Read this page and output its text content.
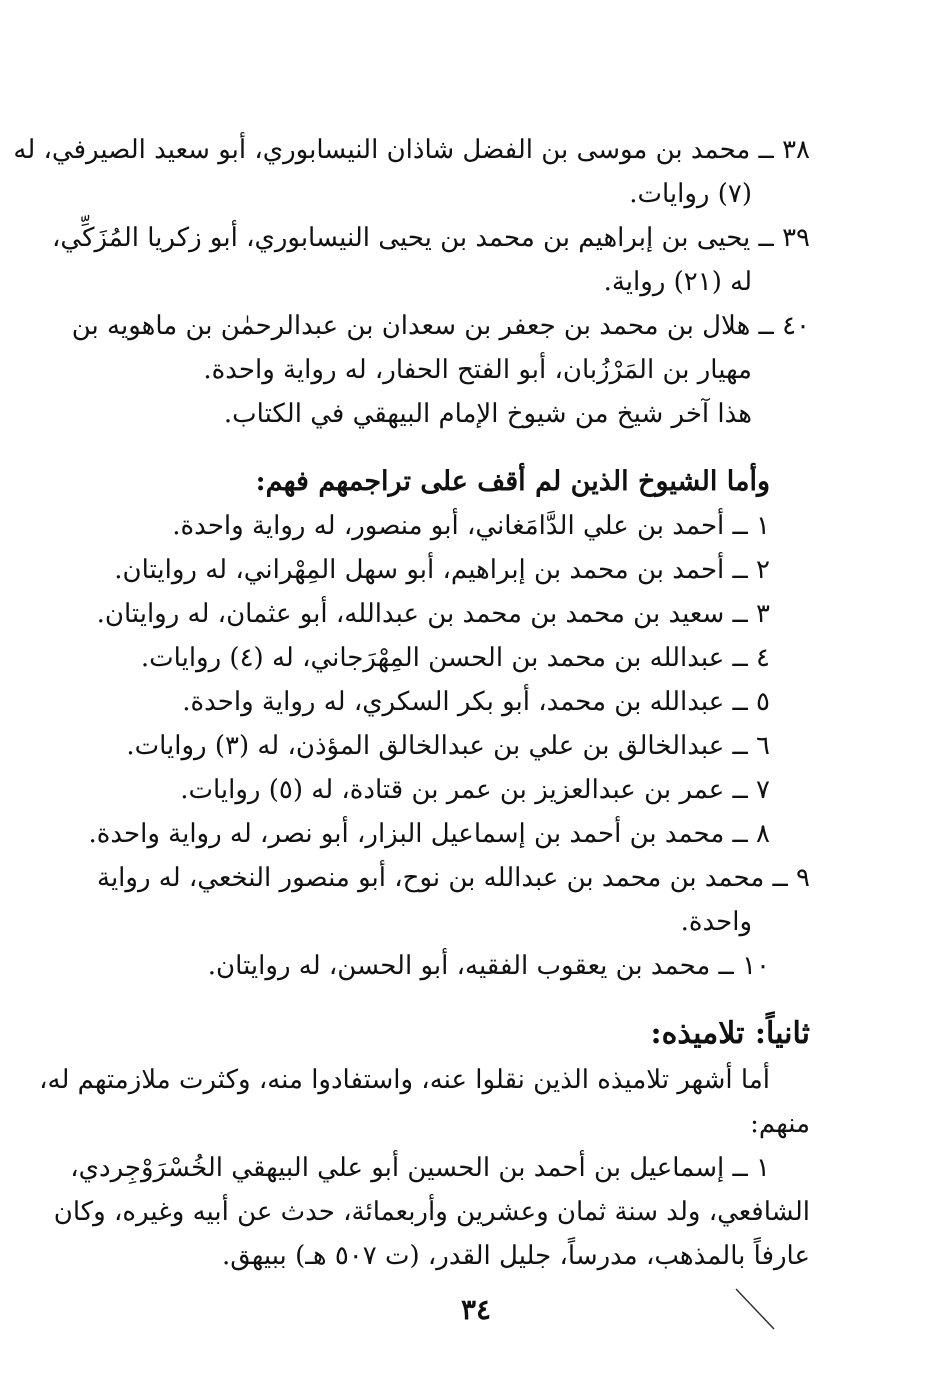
٣٨ ــ محمد بن موسى بن الفضل شاذان النيسابوري، أبو سعيد الصيرفي، له
(٧) روايات.
٣٩ ــ يحيى بن إبراهيم بن محمد بن يحيى النيسابوري، أبو زكريا المُزَكِّي،
له (٢١) رواية.
٤٠ ــ هلال بن محمد بن جعفر بن سعدان بن عبدالرحمٰن بن ماهويه بن
مهيار بن المَرْزُبان، أبو الفتح الحفار، له رواية واحدة.
هذا آخر شيخ من شيوخ الإمام البيهقي في الكتاب.
وأما الشيوخ الذين لم أقف على تراجمهم فهم:
١ ــ أحمد بن علي الدَّامَغاني، أبو منصور، له رواية واحدة.
٢ ــ أحمد بن محمد بن إبراهيم، أبو سهل المِهْراني، له روايتان.
٣ ــ سعيد بن محمد بن محمد بن عبدالله، أبو عثمان، له روايتان.
٤ ــ عبدالله بن محمد بن الحسن المِهْرَجاني، له (٤) روايات.
٥ ــ عبدالله بن محمد، أبو بكر السكري، له رواية واحدة.
٦ ــ عبدالخالق بن علي بن عبدالخالق المؤذن، له (٣) روايات.
٧ ــ عمر بن عبدالعزيز بن عمر بن قتادة، له (٥) روايات.
٨ ــ محمد بن أحمد بن إسماعيل البزار، أبو نصر، له رواية واحدة.
٩ ــ محمد بن محمد بن عبدالله بن نوح، أبو منصور النخعي، له رواية
واحدة.
١٠ ــ محمد بن يعقوب الفقيه، أبو الحسن، له روايتان.
ثانياً: تلاميذه:
أما أشهر تلاميذه الذين نقلوا عنه، واستفادوا منه، وكثرت ملازمتهم له،
منهم:
١ ــ إسماعيل بن أحمد بن الحسين أبو علي البيهقي الخُسْرَوْجِردي،
الشافعي، ولد سنة ثمان وعشرين وأربعمائة، حدث عن أبيه وغيره، وكان
عارفاً بالمذهب، مدرساً، جليل القدر، (ت ٥٠٧ هـ) ببيهق.
٣٤
